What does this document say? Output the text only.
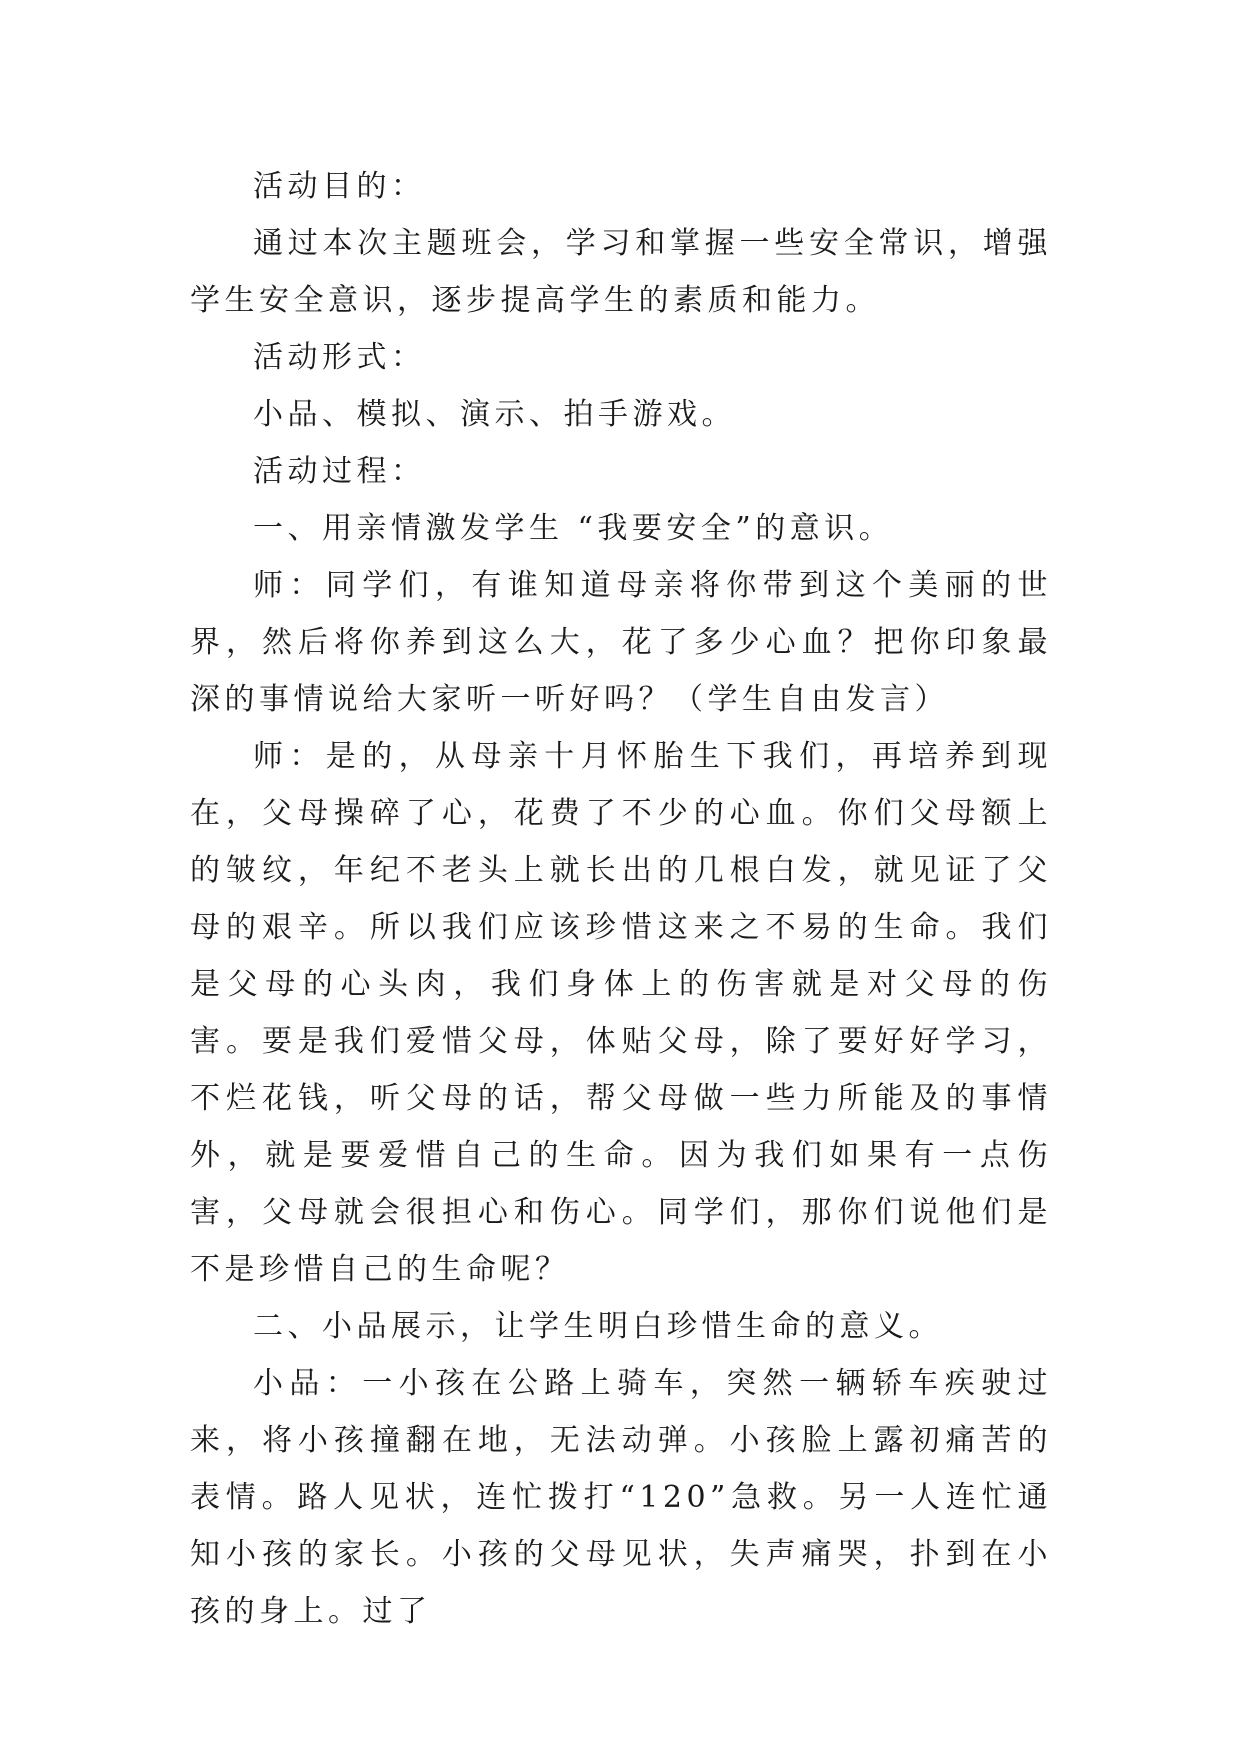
活动目的：

通过本次主题班会，学习和掌握一些安全常识，增强学生安全意识，逐步提高学生的素质和能力。

活动形式：

小品、模拟、演示、拍手游戏。

活动过程：

一、用亲情激发学生 “我要安全”的意识。

师：同学们，有谁知道母亲将你带到这个美丽的世界，然后将你养到这么大，花了多少心血？把你印象最深的事情说给大家听一听好吗？（学生自由发言）

师：是的，从母亲十月怀胎生下我们，再培养到现在，父母操碎了心，花费了不少的心血。你们父母额上的皱纹，年纪不老头上就长出的几根白发，就见证了父母的艰辛。所以我们应该珍惜这来之不易的生命。我们是父母的心头肉，我们身体上的伤害就是对父母的伤害。要是我们爱惜父母，体贴父母，除了要好好学习，不烂花钱，听父母的话，帮父母做一些力所能及的事情外，就是要爱惜自己的生命。因为我们如果有一点伤害，父母就会很担心和伤心。同学们，那你们说他们是不是珍惜自己的生命呢？

二、小品展示，让学生明白珍惜生命的意义。

小品：一小孩在公路上骑车，突然一辆轿车疾驶过来，将小孩撞翻在地，无法动弹。小孩脸上露初痛苦的表情。路人见状，连忙拨打“120”急救。另一人连忙通知小孩的家长。小孩的父母见状，失声痛哭，扑到在小孩的身上。过了
